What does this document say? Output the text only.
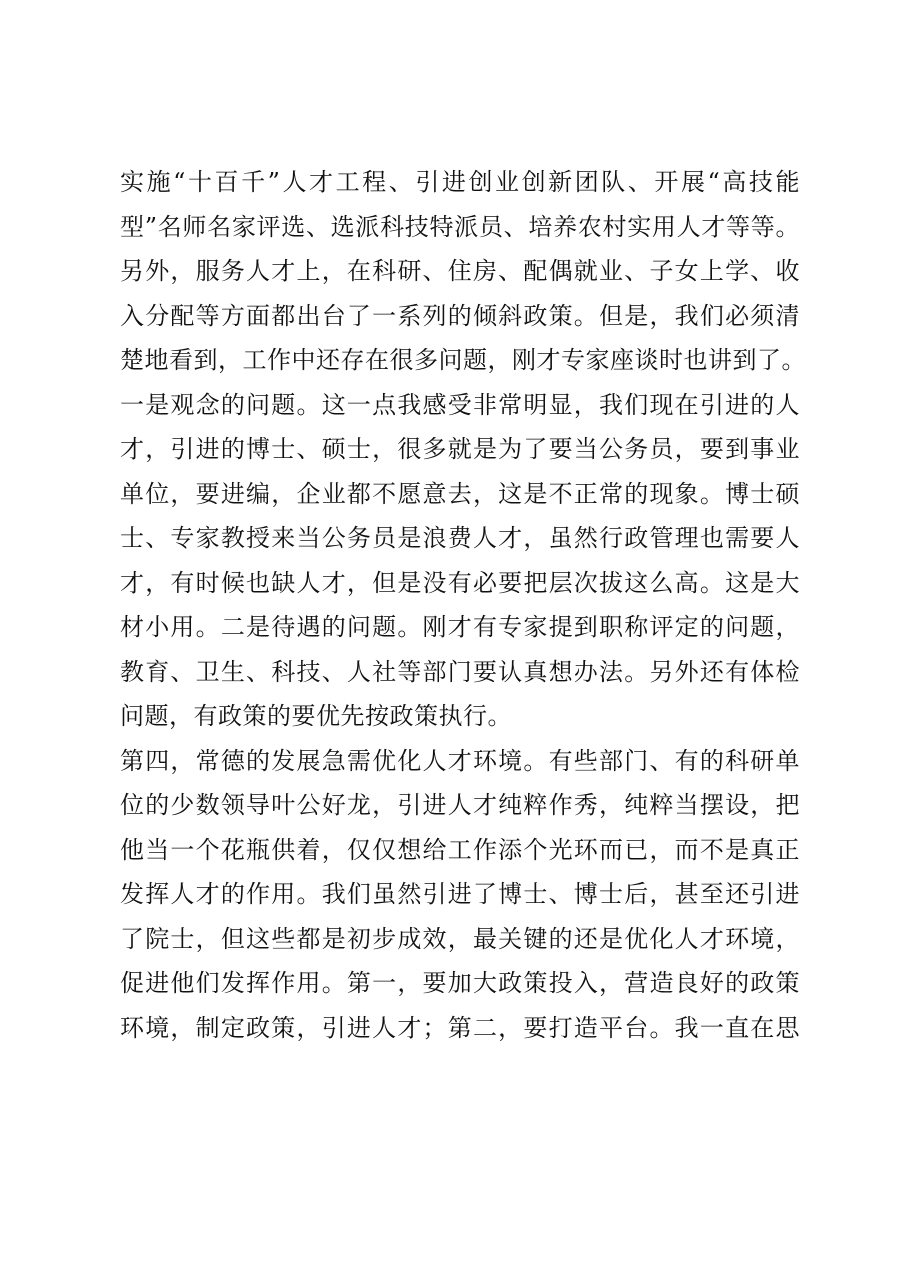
实施“十百千”人才工程、引进创业创新团队、开展“高技能
型”名师名家评选、选派科技特派员、培养农村实用人才等等。
另外，服务人才上，在科研、住房、配偶就业、子女上学、收
入分配等方面都出台了一系列的倾斜政策。但是，我们必须清
楚地看到，工作中还存在很多问题，刚才专家座谈时也讲到了。
一是观念的问题。这一点我感受非常明显，我们现在引进的人
才，引进的博士、硕士，很多就是为了要当公务员，要到事业
单位，要进编，企业都不愿意去，这是不正常的现象。博士硕
士、专家教授来当公务员是浪费人才，虽然行政管理也需要人
才，有时候也缺人才，但是没有必要把层次拔这么高。这是大
材小用。二是待遇的问题。刚才有专家提到职称评定的问题，
教育、卫生、科技、人社等部门要认真想办法。另外还有体检
问题，有政策的要优先按政策执行。
第四，常德的发展急需优化人才环境。有些部门、有的科研单
位的少数领导叶公好龙，引进人才纯粹作秀，纯粹当摆设，把
他当一个花瓶供着，仅仅想给工作添个光环而已，而不是真正
发挥人才的作用。我们虽然引进了博士、博士后，甚至还引进
了院士，但这些都是初步成效，最关键的还是优化人才环境，
促进他们发挥作用。第一，要加大政策投入，营造良好的政策
环境，制定政策，引进人才；第二，要打造平台。我一直在思
